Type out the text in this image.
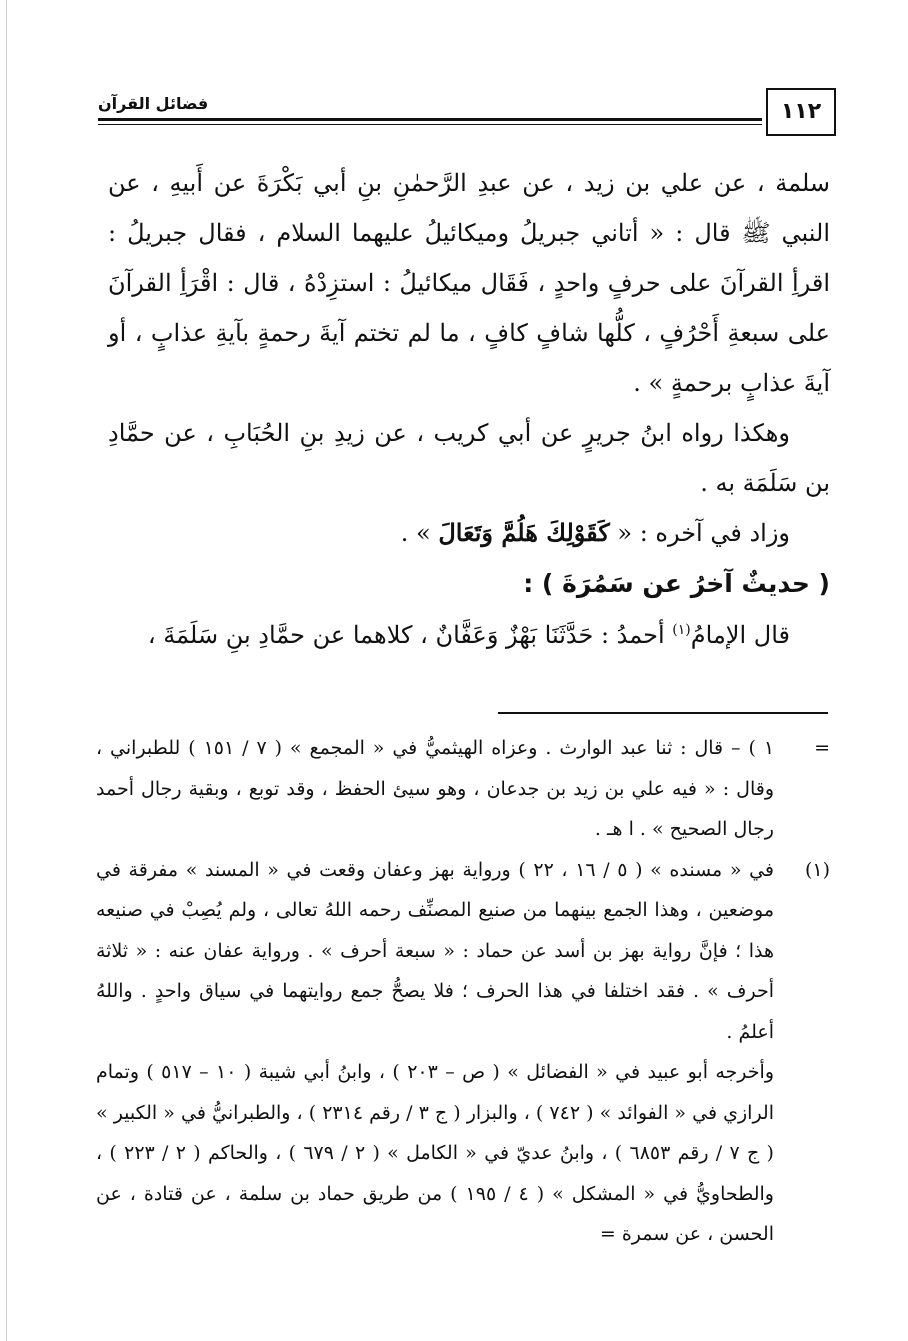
١١٢
فضائل القرآن

سلمة ، عن علي بن زيد ، عن عبدِ الرَّحمٰنِ بنِ أبي بَكْرَةَ عن أَبيهِ ، عن النبي ﷺ قال : « أتاني جبريلُ وميكائيلُ عليهما السلام ، فقال جبريلُ : اقرأِ القرآنَ على حرفٍ واحدٍ ، فَقَال ميكائيلُ : استزِدْهُ ، قال : اقْرَأِ القرآنَ على سبعةِ أَحْرُفٍ ، كلُّها شافٍ كافٍ ، ما لم تختم آيةَ رحمةٍ بآيةِ عذابٍ ، أو آيةَ عذابٍ برحمةٍ » .

وهكذا رواه ابنُ جريرٍ عن أبي كريب ، عن زيدِ بنِ الحُبَابِ ، عن حمَّادِ بن سَلَمَة به .

وزاد في آخره : « كَقَوْلِكَ هَلُمَّ وَتَعَالَ » .

( حديثٌ آخرُ عن سَمُرَةَ ) :

قال الإمامُ$^{(١)}$ أحمدُ : حَدَّثَنَا بَهْزٌ وَعَفَّانٌ ، كلاهما عن حمَّادِ بنِ سَلَمَةَ ،

=

١ ) – قال : ثنا عبد الوارث . وعزاه الهيثميُّ في « المجمع » ( ٧ / ١٥١ ) للطبراني ، وقال : « فيه علي بن زيد بن جدعان ، وهو سيئ الحفظ ، وقد توبع ، وبقية رجال أحمد رجال الصحيح » . ا هـ .

(١)

في « مسنده » ( ٥ / ١٦ ، ٢٢ ) ورواية بهز وعفان وقعت في « المسند » مفرقة في موضعين ، وهذا الجمع بينهما من صنيع المصنِّف رحمه اللهُ تعالى ، ولم يُصِبْ في صنيعه هذا ؛ فإنَّ رواية بهز بن أسد عن حماد : « سبعة أحرف » . ورواية عفان عنه : « ثلاثة أحرف » . فقد اختلفا في هذا الحرف ؛ فلا يصحُّ جمع روايتهما في سياق واحدٍ . واللهُ أعلمُ .

وأخرجه أبو عبيد في « الفضائل » ( ص – ٢٠٣ ) ، وابنُ أبي شيبة ( ١٠ – ٥١٧ ) وتمام الرازي في « الفوائد » ( ٧٤٢ ) ، والبزار ( ج ٣ / رقم ٢٣١٤ ) ، والطبرانيُّ في « الكبير » ( ج ٧ / رقم ٦٨٥٣ ) ، وابنُ عديّ في « الكامل » ( ٢ / ٦٧٩ ) ، والحاكم ( ٢ / ٢٢٣ ) ، والطحاويُّ في « المشكل » ( ٤ / ١٩٥ ) من طريق حماد بن سلمة ، عن قتادة ، عن الحسن ، عن سمرة =
